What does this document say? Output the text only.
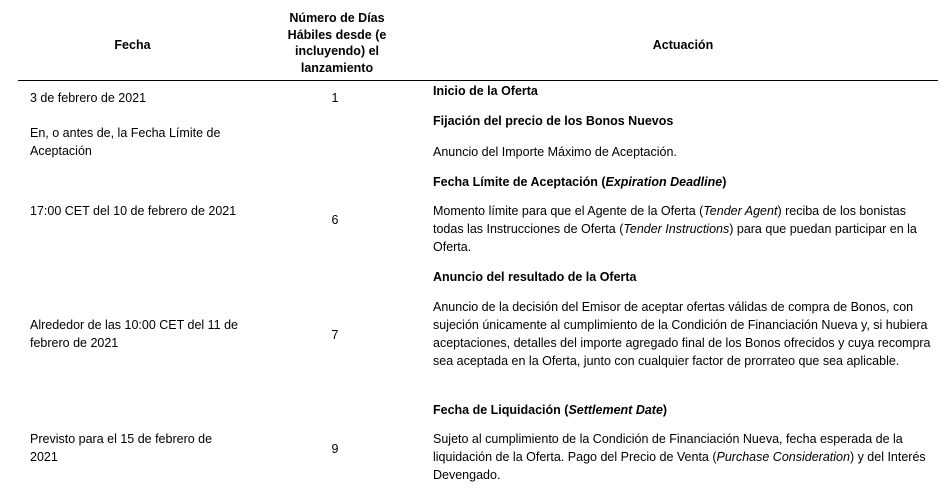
Fecha
Número de Días Hábiles desde (e incluyendo) el lanzamiento
Actuación
3 de febrero de 2021	1	Inicio de la Oferta
En, o antes de, la Fecha Límite de Aceptación
Fijación del precio de los Bonos Nuevos
Anuncio del Importe Máximo de Aceptación.
17:00 CET del 10 de febrero de 2021
6
Fecha Límite de Aceptación (Expiration Deadline)
Momento límite para que el Agente de la Oferta (Tender Agent) reciba de los bonistas todas las Instrucciones de Oferta (Tender Instructions) para que puedan participar en la Oferta.
Alrededor de las 10:00 CET del 11 de febrero de 2021
7
Anuncio del resultado de la Oferta
Anuncio de la decisión del Emisor de aceptar ofertas válidas de compra de Bonos, con sujeción únicamente al cumplimiento de la Condición de Financiación Nueva y, si hubiera aceptaciones, detalles del importe agregado final de los Bonos ofrecidos y cuya recompra sea aceptada en la Oferta, junto con cualquier factor de prorrateo que sea aplicable.
Previsto para el 15 de febrero de 2021
9
Fecha de Liquidación (Settlement Date)
Sujeto al cumplimiento de la Condición de Financiación Nueva, fecha esperada de la liquidación de la Oferta. Pago del Precio de Venta (Purchase Consideration) y del Interés Devengado.
